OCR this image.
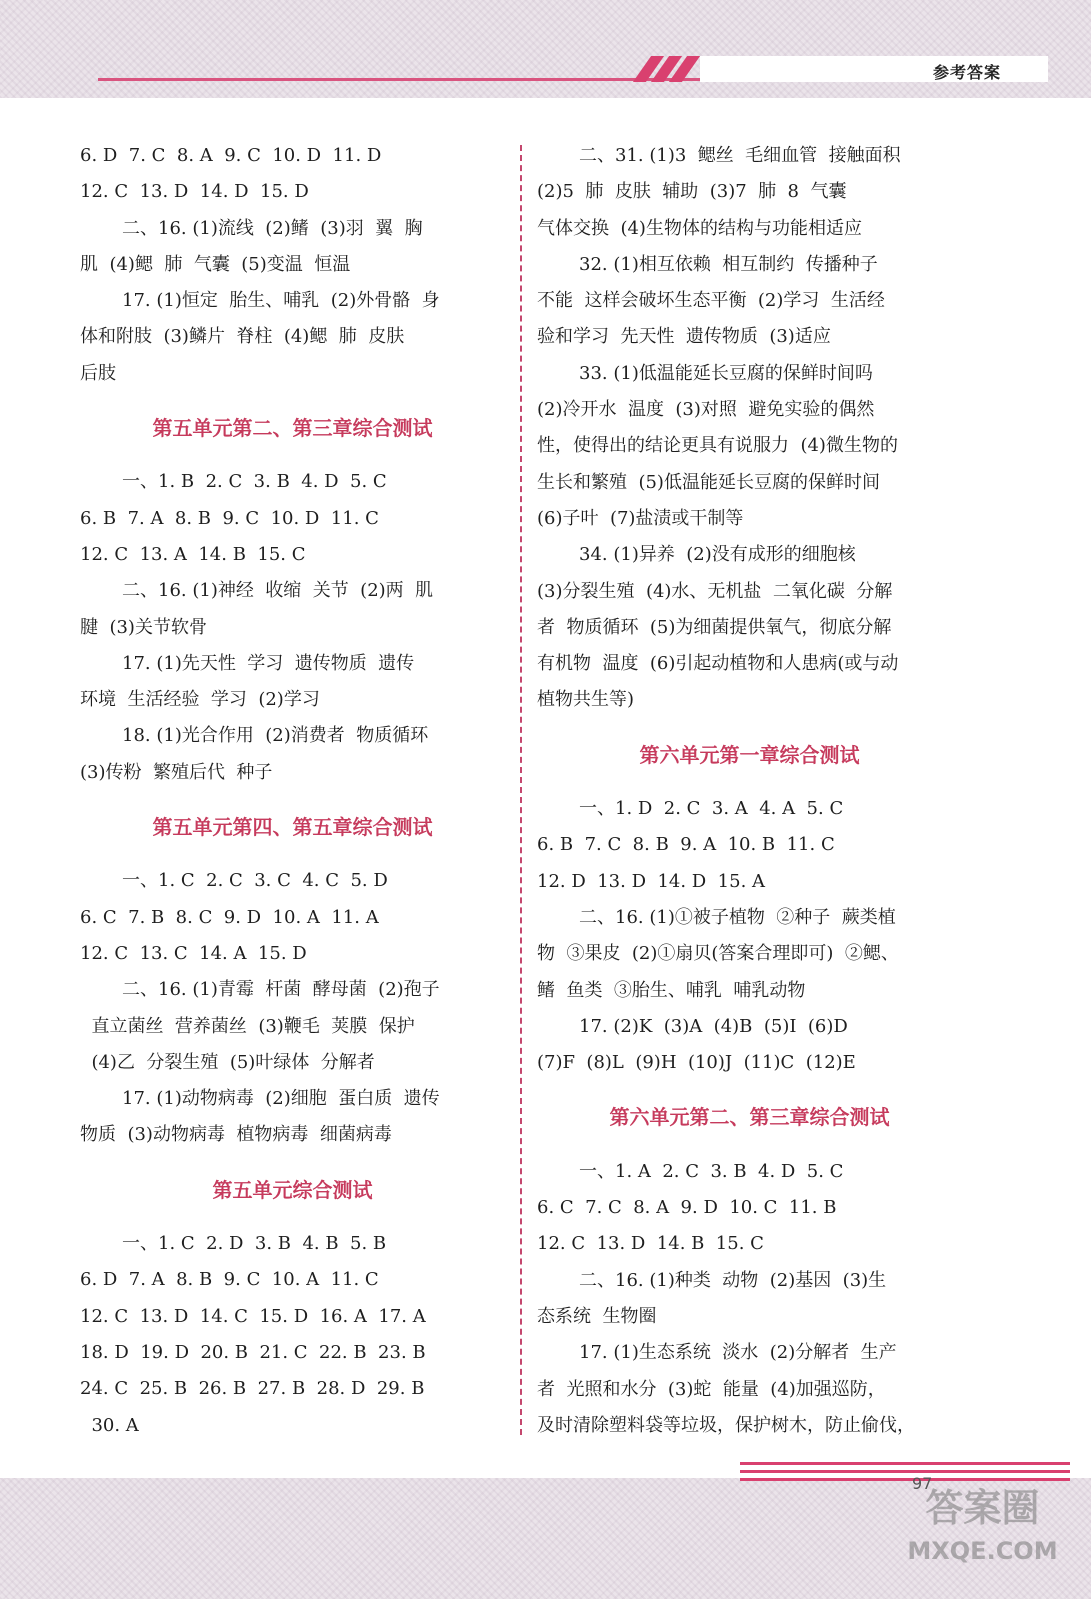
参考答案
6. D  7. C  8. A  9. C  10. D  11. D
12. C  13. D  14. D  15. D
二、16. (1)流线  (2)鳍  (3)羽  翼  胸
肌  (4)鳃  肺  气囊  (5)变温  恒温
17. (1)恒定  胎生、哺乳  (2)外骨骼  身
体和附肢  (3)鳞片  脊柱  (4)鳃  肺  皮肤
后肢
第五单元第二、第三章综合测试
一、1. B  2. C  3. B  4. D  5. C
6. B  7. A  8. B  9. C  10. D  11. C
12. C  13. A  14. B  15. C
二、16. (1)神经  收缩  关节  (2)两  肌
腱  (3)关节软骨
17. (1)先天性  学习  遗传物质  遗传
环境  生活经验  学习  (2)学习
18. (1)光合作用  (2)消费者  物质循环
(3)传粉  繁殖后代  种子
第五单元第四、第五章综合测试
一、1. C  2. C  3. C  4. C  5. D
6. C  7. B  8. C  9. D  10. A  11. A
12. C  13. C  14. A  15. D
二、16. (1)青霉  杆菌  酵母菌  (2)孢子
直立菌丝  营养菌丝  (3)鞭毛  荚膜  保护
(4)乙  分裂生殖  (5)叶绿体  分解者
17. (1)动物病毒  (2)细胞  蛋白质  遗传
物质  (3)动物病毒  植物病毒  细菌病毒
第五单元综合测试
一、1. C  2. D  3. B  4. B  5. B
6. D  7. A  8. B  9. C  10. A  11. C
12. C  13. D  14. C  15. D  16. A  17. A
18. D  19. D  20. B  21. C  22. B  23. B
24. C  25. B  26. B  27. B  28. D  29. B
30. A
二、31. (1)3  鳃丝  毛细血管  接触面积
(2)5  肺  皮肤  辅助  (3)7  肺  8  气囊
气体交换  (4)生物体的结构与功能相适应
32. (1)相互依赖  相互制约  传播种子
不能  这样会破坏生态平衡  (2)学习  生活经
验和学习  先天性  遗传物质  (3)适应
33. (1)低温能延长豆腐的保鲜时间吗
(2)冷开水  温度  (3)对照  避免实验的偶然
性，使得出的结论更具有说服力  (4)微生物的
生长和繁殖  (5)低温能延长豆腐的保鲜时间
(6)子叶  (7)盐渍或干制等
34. (1)异养  (2)没有成形的细胞核
(3)分裂生殖  (4)水、无机盐  二氧化碳  分解
者  物质循环  (5)为细菌提供氧气，彻底分解
有机物  温度  (6)引起动植物和人患病(或与动
植物共生等)
第六单元第一章综合测试
一、1. D  2. C  3. A  4. A  5. C
6. B  7. C  8. B  9. A  10. B  11. C
12. D  13. D  14. D  15. A
二、16. (1)①被子植物  ②种子  蕨类植
物  ③果皮  (2)①扇贝(答案合理即可)  ②鳃、
鳍  鱼类  ③胎生、哺乳  哺乳动物
17. (2)K  (3)A  (4)B  (5)I  (6)D
(7)F  (8)L  (9)H  (10)J  (11)C  (12)E
第六单元第二、第三章综合测试
一、1. A  2. C  3. B  4. D  5. C
6. C  7. C  8. A  9. D  10. C  11. B
12. C  13. D  14. B  15. C
二、16. (1)种类  动物  (2)基因  (3)生
态系统  生物圈
17. (1)生态系统  淡水  (2)分解者  生产
者  光照和水分  (3)蛇  能量  (4)加强巡防，
及时清除塑料袋等垃圾，保护树木，防止偷伐，
97
答案圈
MXQE.COM
